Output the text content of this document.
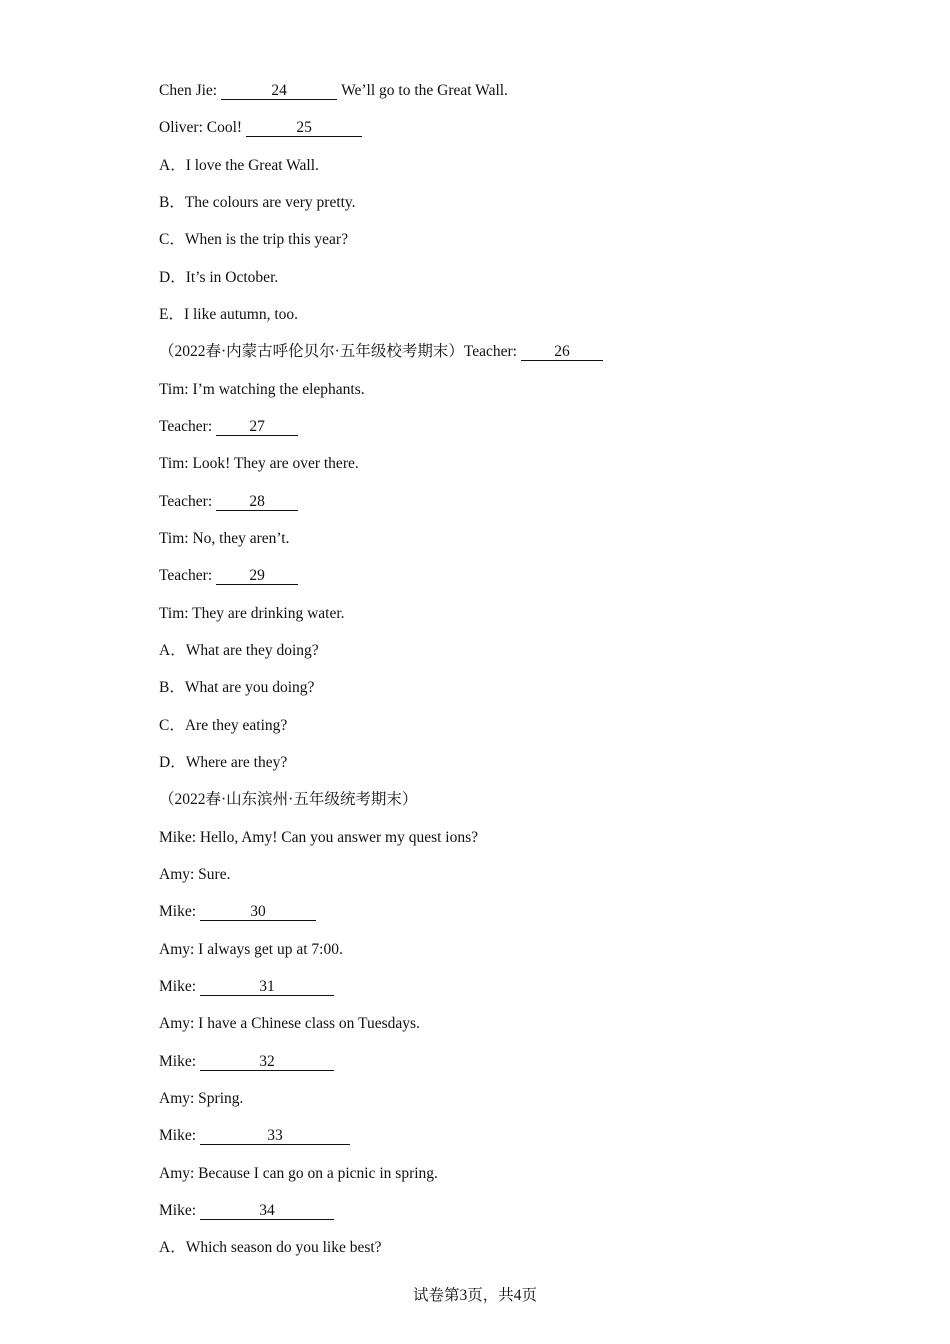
Chen Jie:	24	We’ll go to the Great Wall.
Oliver: Cool!	25
A．I love the Great Wall.
B．The colours are very pretty.
C．When is the trip this year?
D．It’s in October.
E．I like autumn, too.
（2022春·内蒙古呼伦贝尔·五年级校考期末）Teacher: 26
Tim: I’m watching the elephants.
Teacher: 27
Tim: Look! They are over there.
Teacher: 28
Tim: No, they aren’t.
Teacher: 29
Tim: They are drinking water.
A．What are they doing?
B．What are you doing?
C．Are they eating?
D．Where are they?
（2022春·山东滨州·五年级统考期末）
Mike: Hello, Amy! Can you answer my quest ions?
Amy: Sure.
Mike:	30
Amy: I always get up at 7:00.
Mike:	31
Amy: I have a Chinese class on Tuesdays.
Mike:	32
Amy: Spring.
Mike:	33
Amy: Because I can go on a picnic in spring.
Mike:	34
A．Which season do you like best?
试卷第3页，共4页
